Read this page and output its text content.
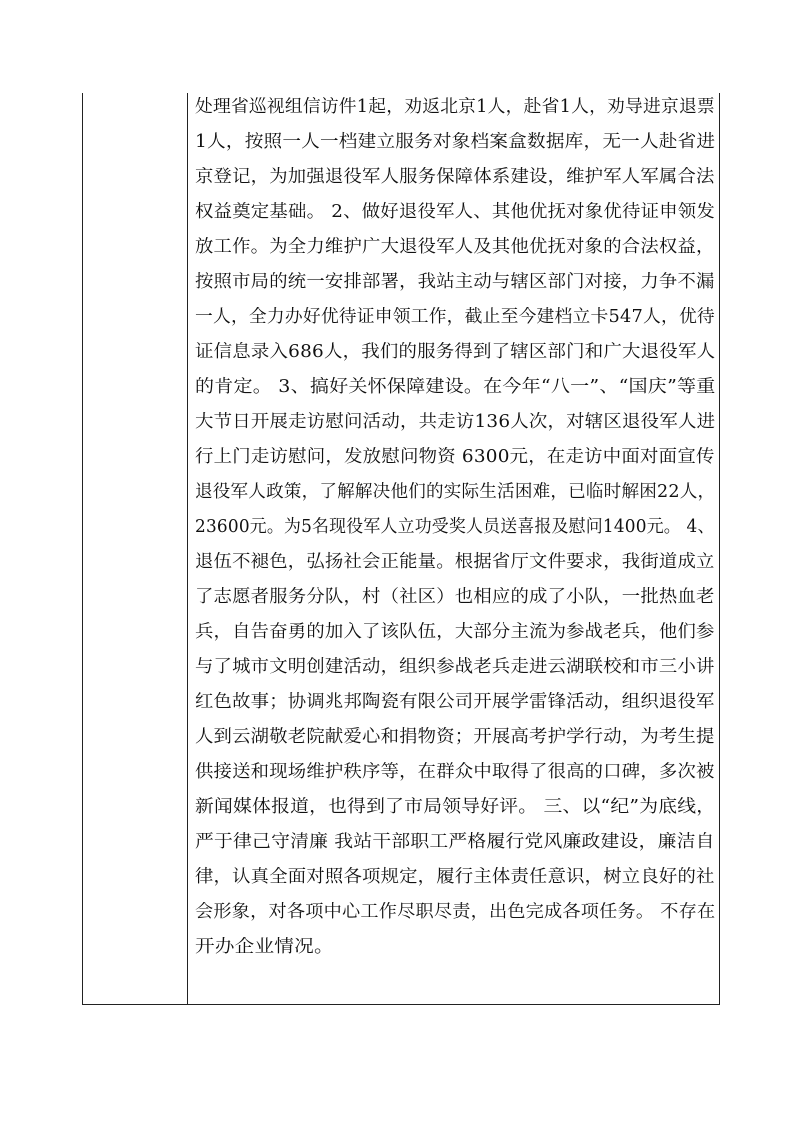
处理省巡视组信访件1起，劝返北京1人，赴省1人，劝导进京退票
1人，按照一人一档建立服务对象档案盒数据库，无一人赴省进
京登记，为加强退役军人服务保障体系建设，维护军人军属合法
权益奠定基础。 2、做好退役军人、其他优抚对象优待证申领发
放工作。为全力维护广大退役军人及其他优抚对象的合法权益，
按照市局的统一安排部署，我站主动与辖区部门对接，力争不漏
一人，全力办好优待证申领工作，截止至今建档立卡547人，优待
证信息录入686人，我们的服务得到了辖区部门和广大退役军人
的肯定。 3、搞好关怀保障建设。在今年“八一”、“国庆”等重
大节日开展走访慰问活动，共走访136人次，对辖区退役军人进
行上门走访慰问，发放慰问物资 6300元，在走访中面对面宣传
退役军人政策，了解解决他们的实际生活困难，已临时解困22人，
23600元。为5名现役军人立功受奖人员送喜报及慰问1400元。 4、
退伍不褪色，弘扬社会正能量。根据省厅文件要求，我街道成立
了志愿者服务分队，村（社区）也相应的成了小队，一批热血老
兵，自告奋勇的加入了该队伍，大部分主流为参战老兵，他们参
与了城市文明创建活动，组织参战老兵走进云湖联校和市三小讲
红色故事；协调兆邦陶瓷有限公司开展学雷锋活动，组织退役军
人到云湖敬老院献爱心和捐物资；开展高考护学行动，为考生提
供接送和现场维护秩序等，在群众中取得了很高的口碑，多次被
新闻媒体报道，也得到了市局领导好评。 三、以“纪”为底线，
严于律己守清廉 我站干部职工严格履行党风廉政建设，廉洁自
律，认真全面对照各项规定，履行主体责任意识，树立良好的社
会形象，对各项中心工作尽职尽责，出色完成各项任务。 不存在
开办企业情况。
